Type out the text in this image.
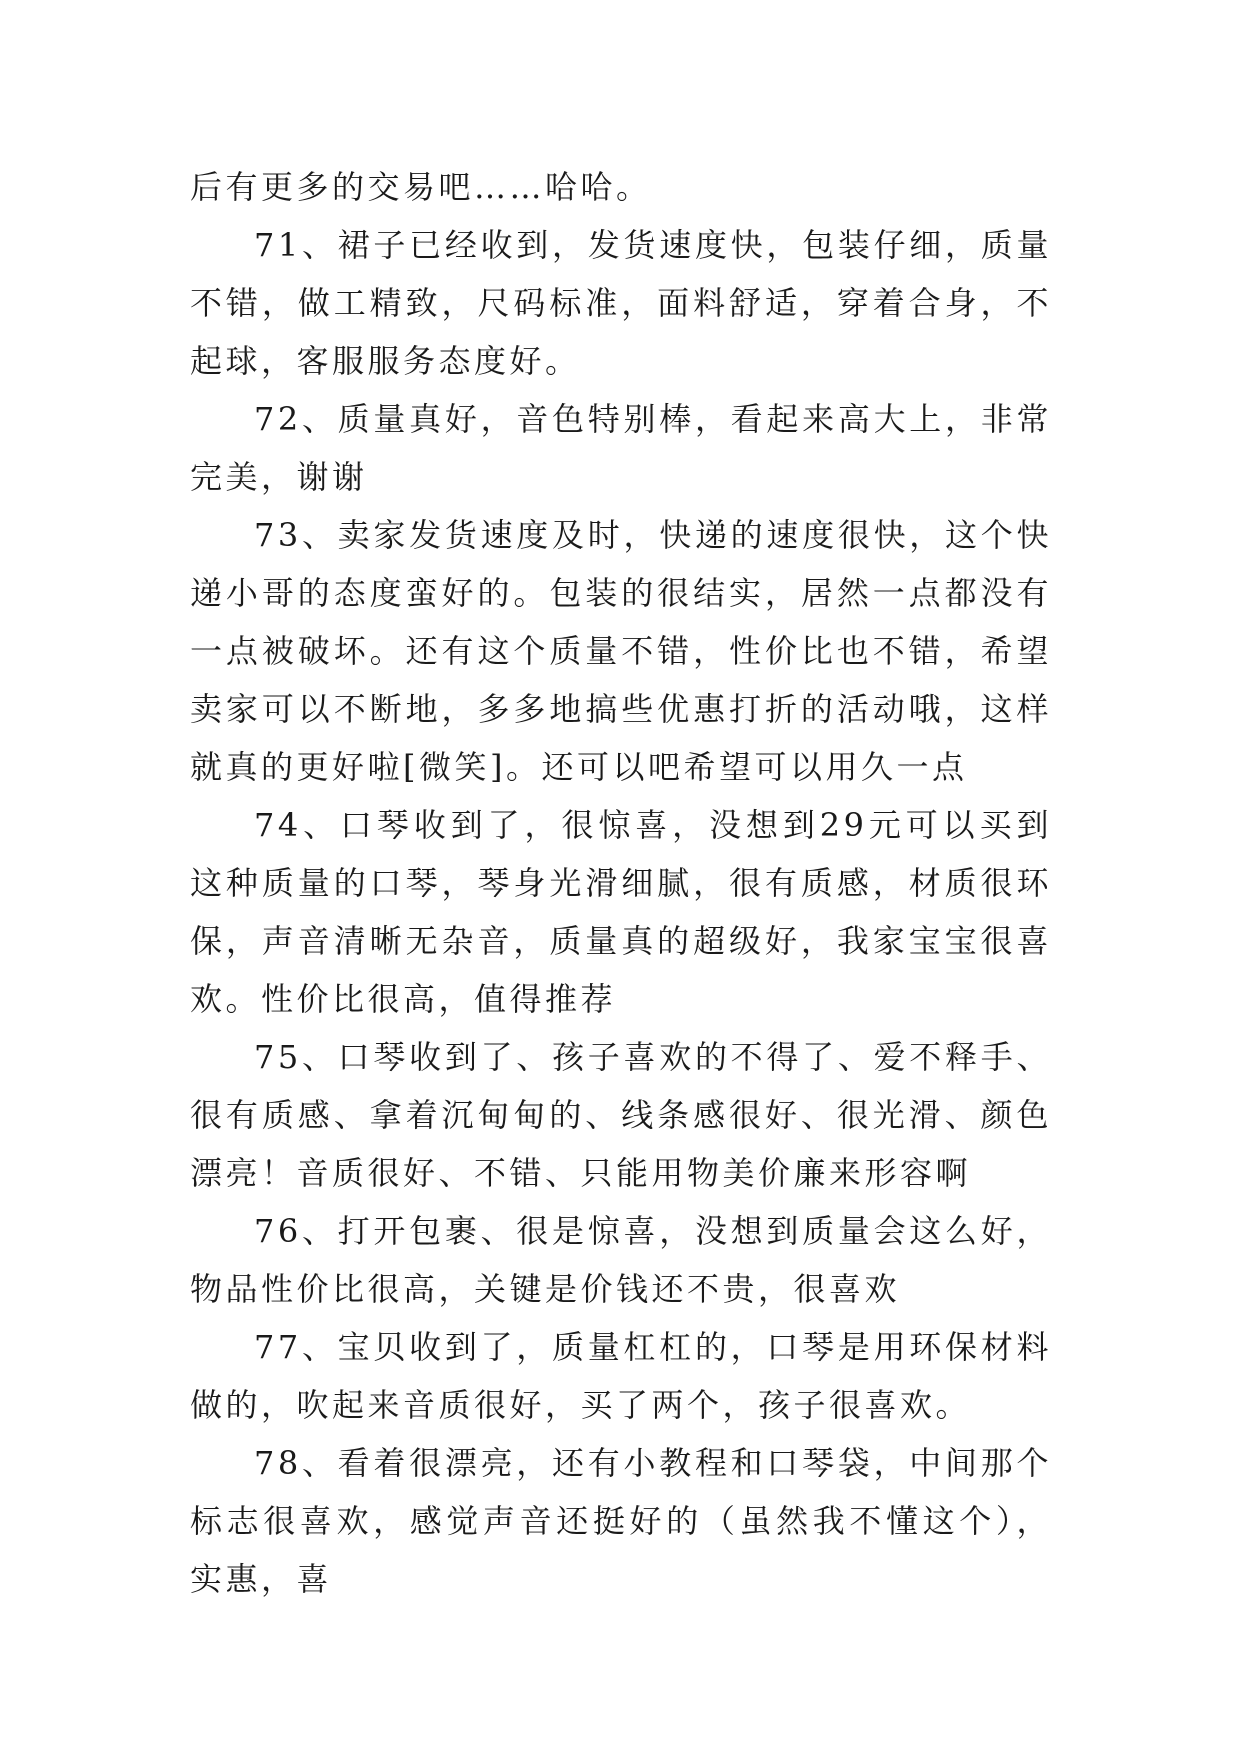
后有更多的交易吧……哈哈。

71、裙子已经收到，发货速度快，包装仔细，质量不错，做工精致，尺码标准，面料舒适，穿着合身，不起球，客服服务态度好。

72、质量真好，音色特别棒，看起来高大上，非常完美，谢谢

73、卖家发货速度及时，快递的速度很快，这个快递小哥的态度蛮好的。包装的很结实，居然一点都没有一点被破坏。还有这个质量不错，性价比也不错，希望卖家可以不断地，多多地搞些优惠打折的活动哦，这样就真的更好啦[微笑]。还可以吧希望可以用久一点

74、口琴收到了，很惊喜，没想到29元可以买到这种质量的口琴，琴身光滑细腻，很有质感，材质很环保，声音清晰无杂音，质量真的超级好，我家宝宝很喜欢。性价比很高，值得推荐

75、口琴收到了、孩子喜欢的不得了、爱不释手、很有质感、拿着沉甸甸的、线条感很好、很光滑、颜色漂亮！音质很好、不错、只能用物美价廉来形容啊

76、打开包裹、很是惊喜，没想到质量会这么好，物品性价比很高，关键是价钱还不贵，很喜欢

77、宝贝收到了，质量杠杠的，口琴是用环保材料做的，吹起来音质很好，买了两个，孩子很喜欢。

78、看着很漂亮，还有小教程和口琴袋，中间那个标志很喜欢，感觉声音还挺好的（虽然我不懂这个），实惠，喜
